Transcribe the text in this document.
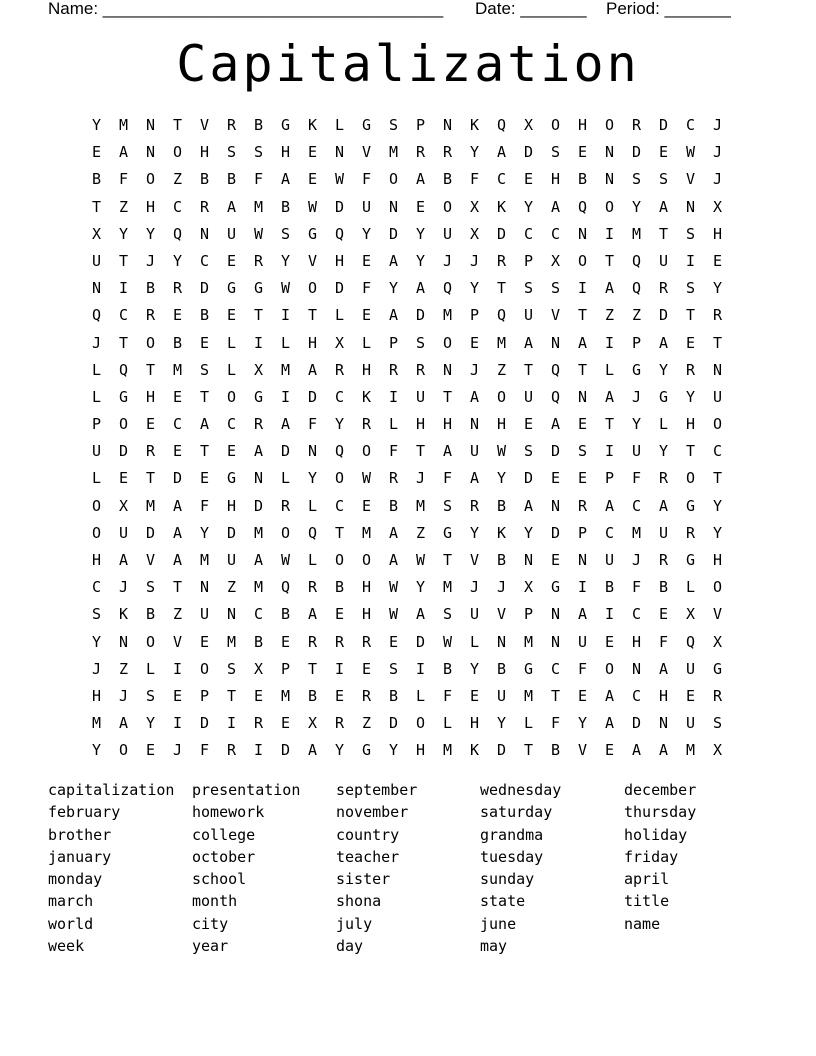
Name: ____________________________________

Date: _______

Period: _______

Capitalization
Y	M	N	T	V	R	B	G	K	L	G	S	P	N	K	Q	X	O	H	O	R	D	C	J
E	A	N	O	H	S	S	H	E	N	V	M	R	R	Y	A	D	S	E	N	D	E	W	J
B	F	O	Z	B	B	F	A	E	W	F	O	A	B	F	C	E	H	B	N	S	S	V	J
T	Z	H	C	R	A	M	B	W	D	U	N	E	O	X	K	Y	A	Q	O	Y	A	N	X
X	Y	Y	Q	N	U	W	S	G	Q	Y	D	Y	U	X	D	C	C	N	I	M	T	S	H
U	T	J	Y	C	E	R	Y	V	H	E	A	Y	J	J	R	P	X	O	T	Q	U	I	E
N	I	B	R	D	G	G	W	O	D	F	Y	A	Q	Y	T	S	S	I	A	Q	R	S	Y
Q	C	R	E	B	E	T	I	T	L	E	A	D	M	P	Q	U	V	T	Z	Z	D	T	R
J	T	O	B	E	L	I	L	H	X	L	P	S	O	E	M	A	N	A	I	P	A	E	T
L	Q	T	M	S	L	X	M	A	R	H	R	R	N	J	Z	T	Q	T	L	G	Y	R	N
L	G	H	E	T	O	G	I	D	C	K	I	U	T	A	O	U	Q	N	A	J	G	Y	U
P	O	E	C	A	C	R	A	F	Y	R	L	H	H	N	H	E	A	E	T	Y	L	H	O
U	D	R	E	T	E	A	D	N	Q	O	F	T	A	U	W	S	D	S	I	U	Y	T	C
L	E	T	D	E	G	N	L	Y	O	W	R	J	F	A	Y	D	E	E	P	F	R	O	T
O	X	M	A	F	H	D	R	L	C	E	B	M	S	R	B	A	N	R	A	C	A	G	Y
O	U	D	A	Y	D	M	O	Q	T	M	A	Z	G	Y	K	Y	D	P	C	M	U	R	Y
H	A	V	A	M	U	A	W	L	O	O	A	W	T	V	B	N	E	N	U	J	R	G	H
C	J	S	T	N	Z	M	Q	R	B	H	W	Y	M	J	J	X	G	I	B	F	B	L	O
S	K	B	Z	U	N	C	B	A	E	H	W	A	S	U	V	P	N	A	I	C	E	X	V
Y	N	O	V	E	M	B	E	R	R	R	E	D	W	L	N	M	N	U	E	H	F	Q	X
J	Z	L	I	O	S	X	P	T	I	E	S	I	B	Y	B	G	C	F	O	N	A	U	G
H	J	S	E	P	T	E	M	B	E	R	B	L	F	E	U	M	T	E	A	C	H	E	R
M	A	Y	I	D	I	R	E	X	R	Z	D	O	L	H	Y	L	F	Y	A	D	N	U	S
Y	O	E	J	F	R	I	D	A	Y	G	Y	H	M	K	D	T	B	V	E	A	A	M	X
capitalization
february
brother
january
monday
march
world
week
presentation
homework
college
october
school
month
city
year
september
november
country
teacher
sister
shona
july
day
wednesday
saturday
grandma
tuesday
sunday
state
june
may
december
thursday
holiday
friday
april
title
name
